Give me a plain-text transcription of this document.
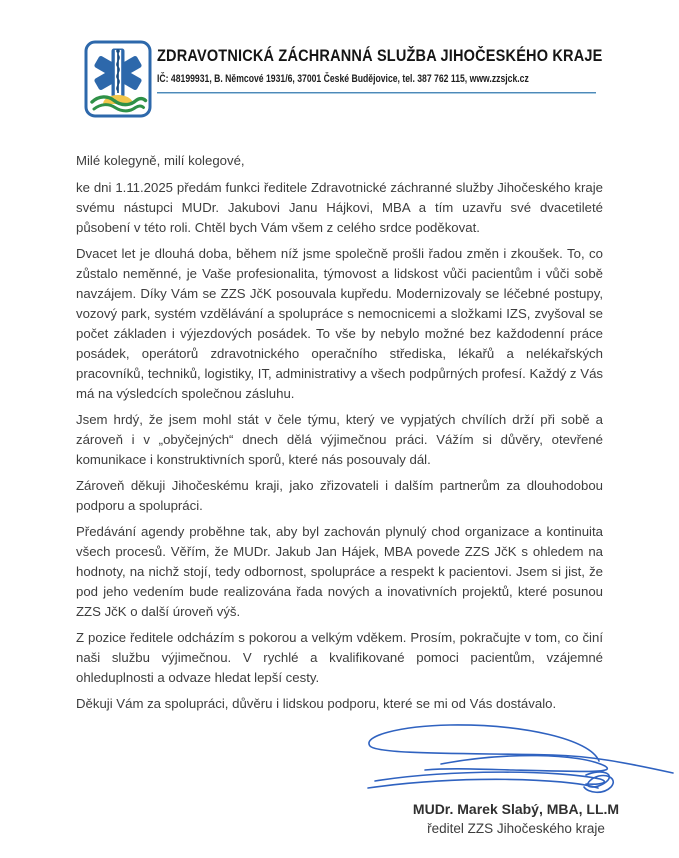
ZDRAVOTNICKÁ ZÁCHRANNÁ SLUŽBA JIHOČESKÉHO KRAJE
IČ: 48199931, B. Němcové 1931/6, 37001 České Budějovice, tel. 387 762 115, www.zzsjck.cz

Milé kolegyně, milí kolegové,

ke dni 1.11.2025 předám funkci ředitele Zdravotnické záchranné služby Jihočeského kraje svému nástupci MUDr. Jakubovi Janu Hájkovi, MBA a tím uzavřu své dvacetileté působení v této roli. Chtěl bych Vám všem z celého srdce poděkovat.

Dvacet let je dlouhá doba, během níž jsme společně prošli řadou změn i zkoušek. To, co zůstalo neměnné, je Vaše profesionalita, týmovost a lidskost vůči pacientům i vůči sobě navzájem. Díky Vám se ZZS JčK posouvala kupředu. Modernizovaly se léčebné postupy, vozový park, systém vzdělávání a spolupráce s nemocnicemi a složkami IZS, zvyšoval se počet základen i výjezdových posádek. To vše by nebylo možné bez každodenní práce posádek, operátorů zdravotnického operačního střediska, lékařů a nelékařských pracovníků, techniků, logistiky, IT, administrativy a všech podpůrných profesí. Každý z Vás má na výsledcích společnou zásluhu.

Jsem hrdý, že jsem mohl stát v čele týmu, který ve vypjatých chvílích drží při sobě a zároveň i v „obyčejných“ dnech dělá výjimečnou práci. Vážím si důvěry, otevřené komunikace i konstruktivních sporů, které nás posouvaly dál.

Zároveň děkuji Jihočeskému kraji, jako zřizovateli i dalším partnerům za dlouhodobou podporu a spolupráci.

Předávání agendy proběhne tak, aby byl zachován plynulý chod organizace a kontinuita všech procesů. Věřím, že MUDr. Jakub Jan Hájek, MBA povede ZZS JčK s ohledem na hodnoty, na nichž stojí, tedy odbornost, spolupráce a respekt k pacientovi. Jsem si jist, že pod jeho vedením bude realizována řada nových a inovativních projektů, které posunou ZZS JčK o další úroveň výš.

Z pozice ředitele odcházím s pokorou a velkým vděkem. Prosím, pokračujte v tom, co činí naši službu výjimečnou. V rychlé a kvalifikované pomoci pacientům, vzájemné ohleduplnosti a odvaze hledat lepší cesty.

Děkuji Vám za spolupráci, důvěru i lidskou podporu, které se mi od Vás dostávalo.

MUDr. Marek Slabý, MBA, LL.M
ředitel ZZS Jihočeského kraje
